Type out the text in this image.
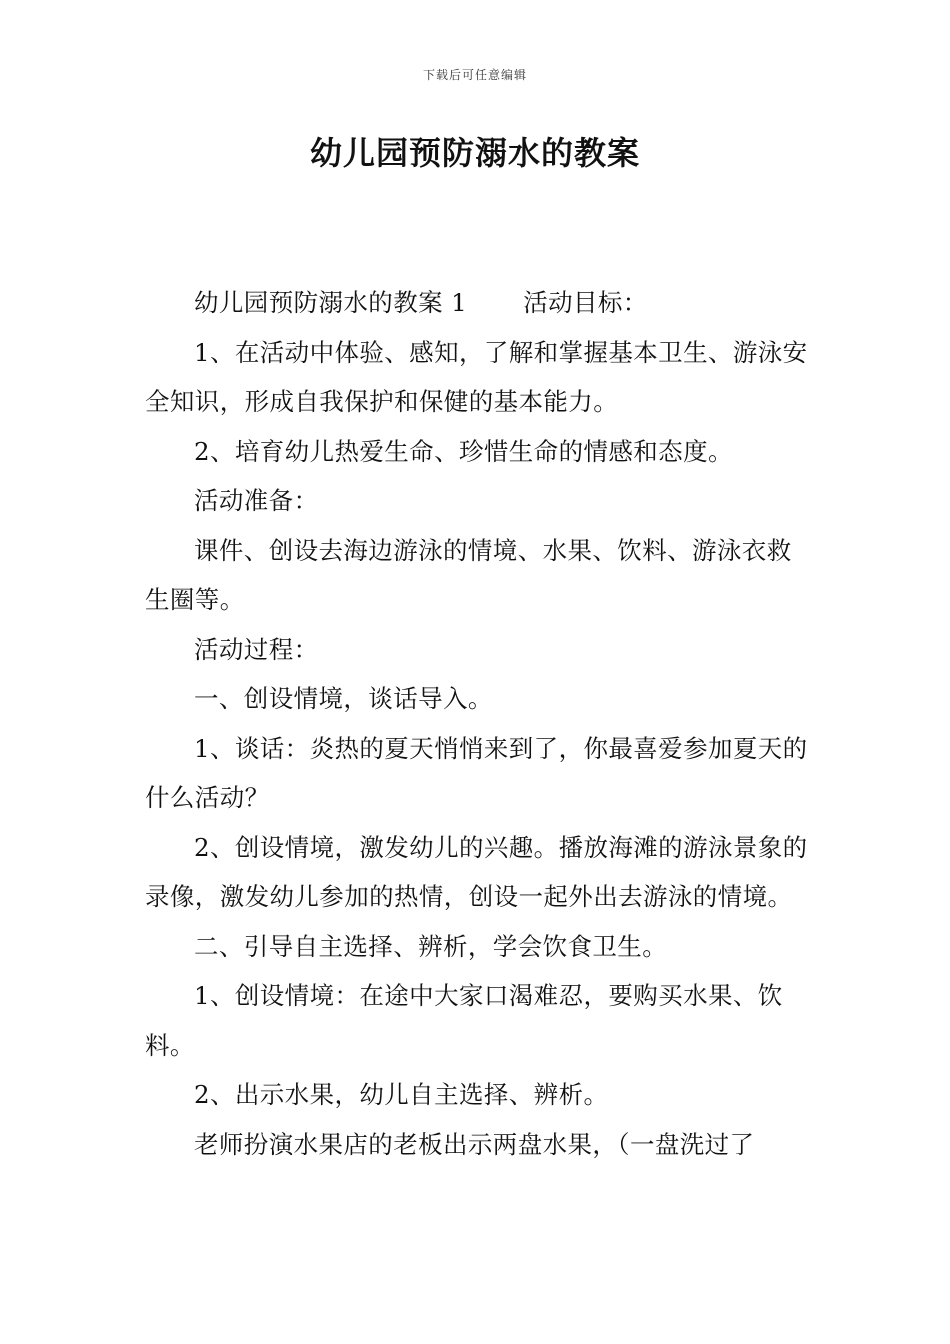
下载后可任意编辑
幼儿园预防溺水的教案

幼儿园预防溺水的教案 1 活动目标：

1、在活动中体验、感知，了解和掌握基本卫生、游泳安全知识，形成自我保护和保健的基本能力。

2、培育幼儿热爱生命、珍惜生命的情感和态度。

活动准备：

课件、创设去海边游泳的情境、水果、饮料、游泳衣救生圈等。

活动过程：

一、创设情境，谈话导入。

1、谈话：炎热的夏天悄悄来到了，你最喜爱参加夏天的什么活动？

2、创设情境，激发幼儿的兴趣。播放海滩的游泳景象的录像，激发幼儿参加的热情，创设一起外出去游泳的情境。

二、引导自主选择、辨析，学会饮食卫生。

1、创设情境：在途中大家口渴难忍，要购买水果、饮料。

2、出示水果，幼儿自主选择、辨析。

老师扮演水果店的老板出示两盘水果，（一盘洗过了
